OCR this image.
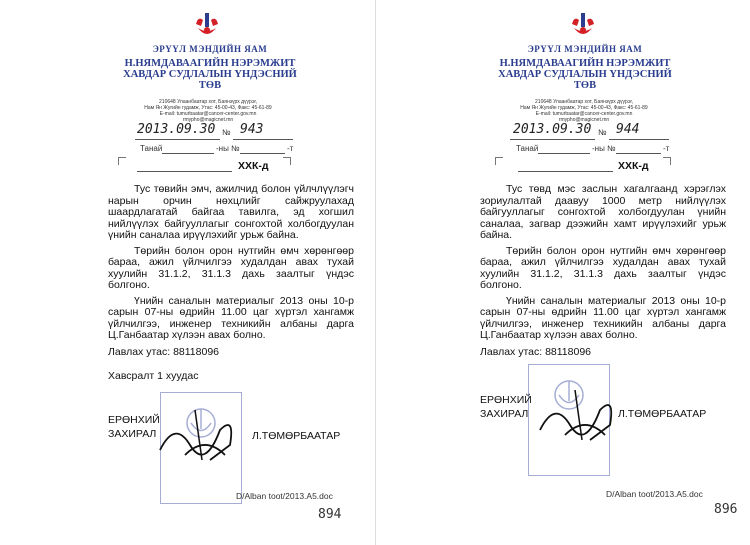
ЭРҮҮЛ МЭНДИЙН ЯАМ
Н.НЯМДАВААГИЙН НЭРЭМЖИТ
ХАВДАР СУДЛАЛЫН ҮНДЭСНИЙ
ТӨВ
210648 Улаанбаатар хот, Баянзүрх дүүрэг,
Нам Ян Жугийн гудамж, Утас: 45-00-43, Факс: 45-61-89
E-mail: tumurbaatar@cancer-center.gov.mn
rmypho@magicnet.mn
2013.09.30 № 943
Танай	-ны №	-т
ХХК-д

Тус төвийн эмч, ажилчид болон үйлчлүүлэгч нарын орчин нөхцлийг сайжруулахад шаардлагатай байгаа тавилга, эд хогшил нийлүүлэх байгууллагыг сонгохтой холбогдуулан үнийн саналаа ирүүлэхийг урьж байна.

Төрийн болон орон нутгийн өмч хөрөнгөөр бараа, ажил үйлчилгээ худалдан авах тухай хуулийн 31.1.2, 31.1.3 дахь заалтыг үндэс болгоно.

Үнийн саналын материалыг 2013 оны 10-р сарын 07-ны өдрийн 11.00 цаг хүртэл хангамж үйлчилгээ, инженер техникийн албаны дарга Ц.Ганбаатар хүлээн авах болно.

Лавлах утас: 88118096
Хавсралт 1 хуудас
ЕРӨНХИЙ
ЗАХИРАЛ	Л.ТӨМӨРБААТАР
D/Alban toot/2013.A5.doc
894
ЭРҮҮЛ МЭНДИЙН ЯАМ
Н.НЯМДАВААГИЙН НЭРЭМЖИТ
ХАВДАР СУДЛАЛЫН ҮНДЭСНИЙ
ТӨВ
210648 Улаанбаатар хот, Баянзүрх дүүрэг,
Нам Ян Жугийн гудамж, Утас: 45-00-43, Факс: 45-61-89
E-mail: tumurbaatar@cancer-center.gov.mn
rmypho@magicnet.mn
2013.09.30 № 944
Танай	-ны №	-т
ХХК-д

Тус төвд мэс заслын хагалгаанд хэрэглэх зориулалтай даавуу 1000 метр нийлүүлэх байгууллагыг сонгохтой холбогдуулан үнийн саналаа, загвар дээжийн хамт ирүүлэхийг урьж байна.

Төрийн болон орон нутгийн өмч хөрөнгөөр бараа, ажил үйлчилгээ худалдан авах тухай хуулийн 31.1.2, 31.1.3 дахь заалтыг үндэс болгоно.

Үнийн саналын материалыг 2013 оны 10-р сарын 07-ны өдрийн 11.00 цаг хүртэл хангамж үйлчилгээ, инженер техникийн албаны дарга Ц.Ганбаатар хүлээн авах болно.

Лавлах утас: 88118096
ЕРӨНХИЙ
ЗАХИРАЛ	Л.ТӨМӨРБААТАР
D/Alban toot/2013.A5.doc
896
